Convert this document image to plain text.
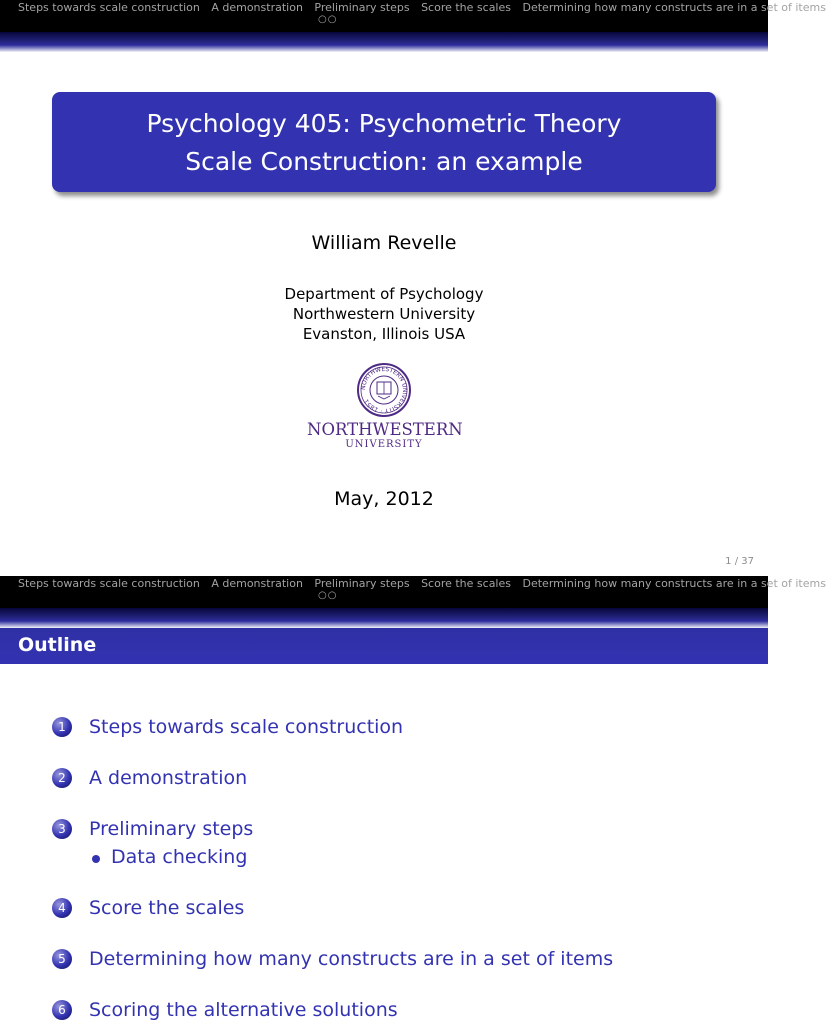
Steps towards scale construction A demonstration Preliminary steps Score the scales Determining how many constructs are in a set of items
○○
Psychology 405: Psychometric Theory
Scale Construction: an example
William Revelle
Department of Psychology
Northwestern University
Evanston, Illinois USA
NORTHWESTERN UNIVERSITY · 1851
NORTHWESTERN
UNIVERSITY
May, 2012
1 / 37
Steps towards scale construction A demonstration Preliminary steps Score the scales Determining how many constructs are in a set of items
○○
Outline
1	Steps towards scale construction
2	A demonstration
3	Preliminary steps
Data checking
4	Score the scales
5	Determining how many constructs are in a set of items
6	Scoring the alternative solutions
